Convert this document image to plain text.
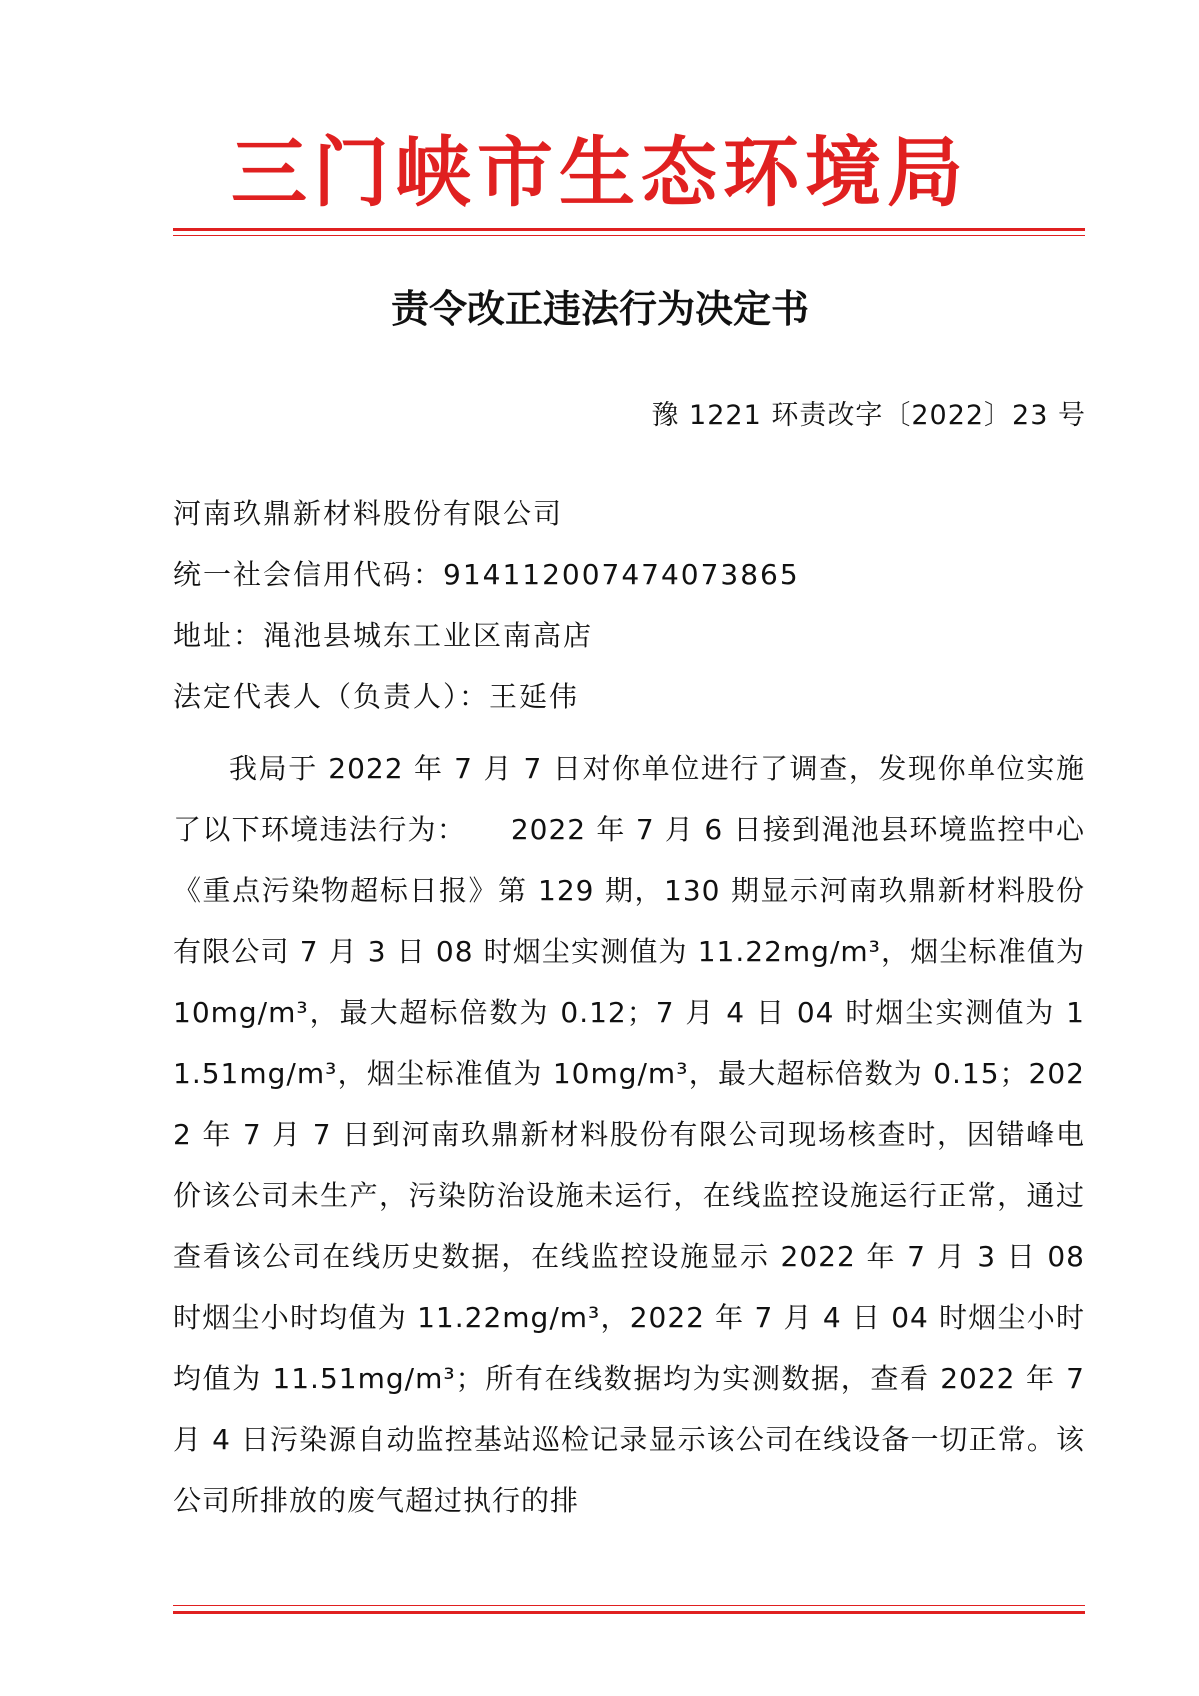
三门峡市生态环境局
责令改正违法行为决定书

豫 1221 环责改字〔2022〕23 号

河南玖鼎新材料股份有限公司

统一社会信用代码：91411200747407386​5

地址：渑池县城东工业区南高店

法定代表人（负责人）：王延伟

我局于 2022 年 7 月 7 日对你单位进行了调查，发现你单位实施了以下环境违法行为：　　2022 年 7 月 6 日接到渑池县环境监控中心《重点污染物超标日报》第 129 期，130 期显示河南玖鼎新材料股份有限公司 7 月 3 日 08 时烟尘实测值为 11.22mg/m³，烟尘标准值为 10mg/m³，最大超标倍数为 0.12；7 月 4 日 04 时烟尘实测值为 11.51mg/m³，烟尘标准值为 10mg/m³，最大超标倍数为 0.15；2022 年 7 月 7 日到河南玖鼎新材料股份有限公司现场核查时，因错峰电价该公司未生产，污染防治设施未运行，在线监控设施运行正常，通过查看该公司在线历史数据，在线监控设施显示 2022 年 7 月 3 日 08 时烟尘小时均值为 11.22mg/m³，2022 年 7 月 4 日 04 时烟尘小时均值为 11.51mg/m³；所有在线数据均为实测数据，查看 2022 年 7 月 4 日污染源自动监控基站巡检记录显示该公司在线设备一切正常。该公司所排放的废气超过执行的排
